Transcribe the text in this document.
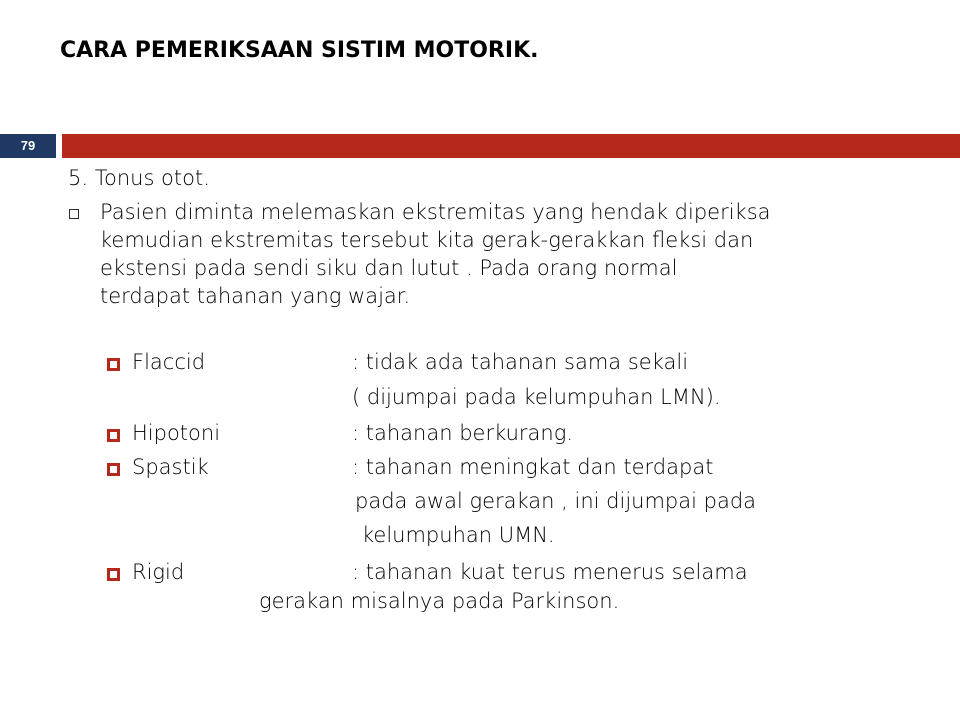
CARA PEMERIKSAAN SISTIM MOTORIK.
79
5. Tonus otot.
Pasien diminta melemaskan ekstremitas yang hendak diperiksa
kemudian ekstremitas tersebut kita gerak-gerakkan fleksi dan
ekstensi pada sendi siku dan lutut . Pada orang normal
terdapat tahanan yang wajar.
Flaccid	: tidak ada tahanan sama sekali
( dijumpai pada kelumpuhan LMN).
Hipotoni	: tahanan berkurang.
Spastik	: tahanan meningkat dan terdapat
pada awal gerakan , ini dijumpai pada
kelumpuhan UMN.
Rigid	: tahanan kuat terus menerus selama
gerakan misalnya pada Parkinson.
